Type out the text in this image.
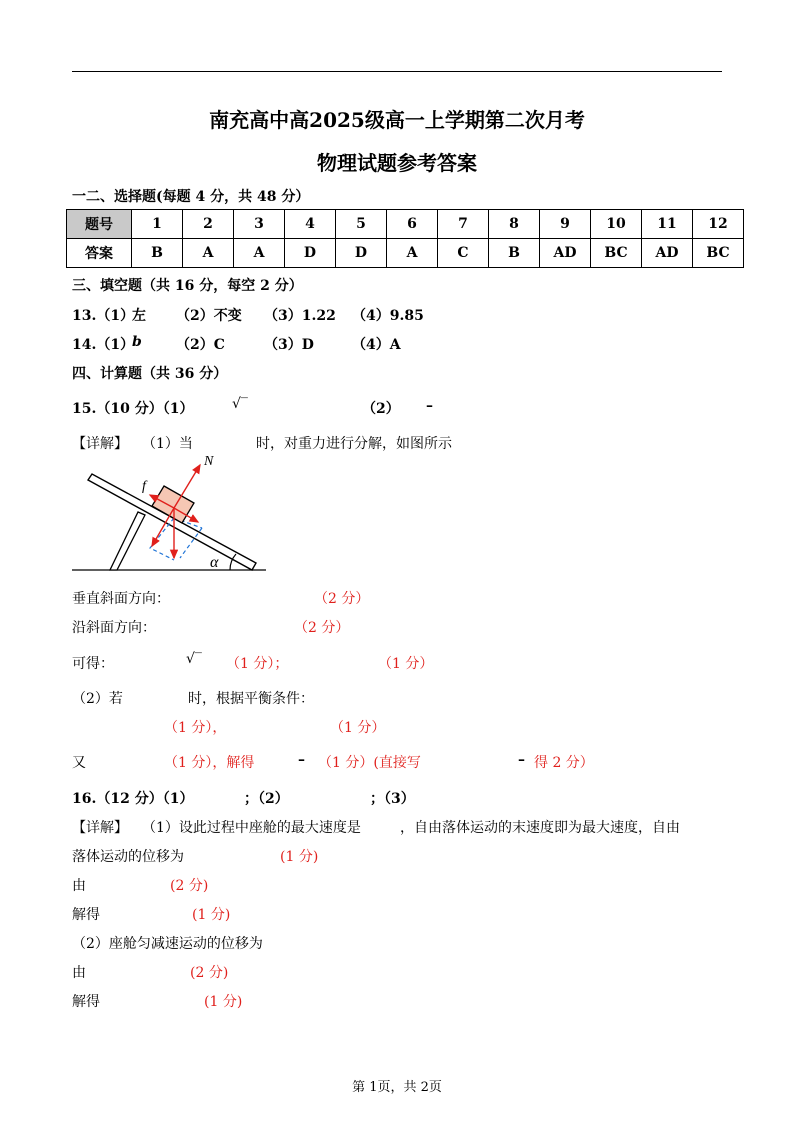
南充高中高2025级高一上学期第二次月考
物理试题参考答案
一二、选择题(每题 4 分，共 48 分）
题号	1	2	3	4	5	6	7	8	9	10	11	12
答案	B	A	A	D	D	A	C	B	AD	BC	AD	BC
三、填空题（共 16 分，每空 2 分）
13.（1）
左 （2）不变 （3）1.22 （4）9.85
14.（1）
b （2）C	（3）D	（4）A
四、计算题（共 36 分）
15.（10 分）（1）	√‾	（2） –
【详解】 （1）当	时，对重力进行分解，如图所示
N
f
α
垂直斜面方向：	（2 分）
沿斜面方向：	（2 分）
可得：	√‾ （1 分）；	（1 分）
（2）若	时，根据平衡条件：
（1 分），	（1 分）
又	（1 分），解得	– （1 分）(直接写	– 得 2 分）
16.（12 分）（1）	；（2）	；（3）
【详解】 （1）设此过程中座舱的最大速度是	，自由落体运动的末速度即为最大速度，自由
落体运动的位移为	(1 分)
由	(2 分)
解得	(1 分)
（2）座舱匀减速运动的位移为
由	(2 分)
解得	(1 分)
第 1页，共 2页
